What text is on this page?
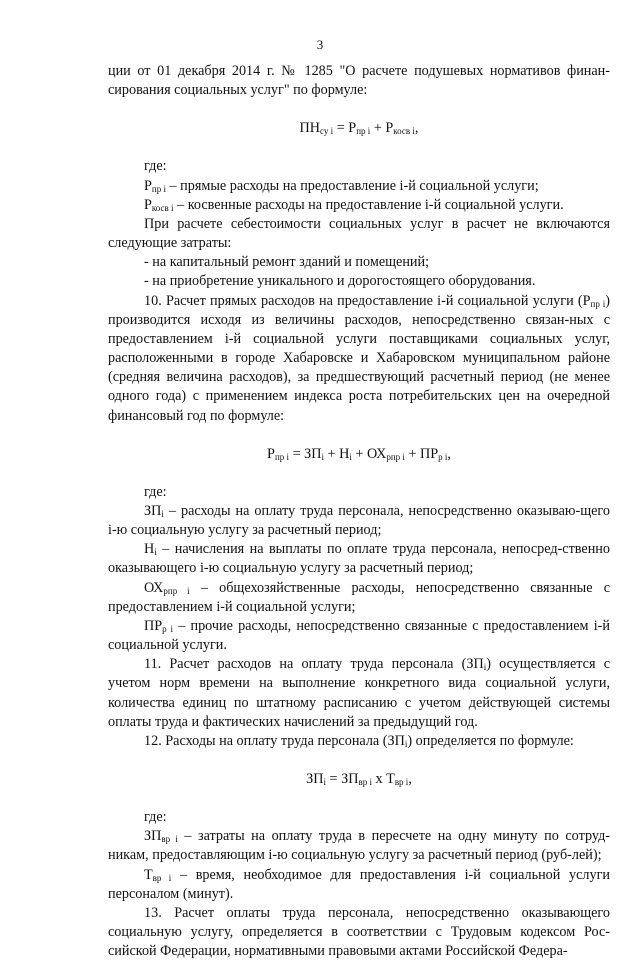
3

ции от 01 декабря 2014 г. № 1285 "О расчете подушевых нормативов финан-сирования социальных услуг" по формуле:

$ПН_{су i} = Р_{пр i} + Р_{косв i}$,

где:

$Р_{пр i}$ – прямые расходы на предоставление i-й социальной услуги;

$Р_{косв i}$ – косвенные расходы на предоставление i-й социальной услуги.

При расчете себестоимости социальных услуг в расчет не включаются следующие затраты:

- на капитальный ремонт зданий и помещений;

- на приобретение уникального и дорогостоящего оборудования.

10. Расчет прямых расходов на предоставление i-й социальной услуги $(Р_{пр i})$ производится исходя из величины расходов, непосредственно связан-ных с предоставлением i-й социальной услуги поставщиками социальных услуг, расположенными в городе Хабаровске и Хабаровском муниципальном районе (средняя величина расходов), за предшествующий расчетный период (не менее одного года) с применением индекса роста потребительских цен на очередной финансовый год по формуле:

$Р_{пр i} = ЗП_i + Н_i + ОХ_{рпр i} + ПР_{р i}$,

где:

$ЗП_i$ – расходы на оплату труда персонала, непосредственно оказываю-щего i-ю социальную услугу за расчетный период;

$Н_i$ – начисления на выплаты по оплате труда персонала, непосред-ственно оказывающего i-ю социальную услугу за расчетный период;

$ОХ_{рпр i}$ – общехозяйственные расходы, непосредственно связанные с предоставлением i-й социальной услуги;

$ПР_{р i}$ – прочие расходы, непосредственно связанные с предоставлением i-й социальной услуги.

11. Расчет расходов на оплату труда персонала $(ЗП_i)$ осуществляется с учетом норм времени на выполнение конкретного вида социальной услуги, количества единиц по штатному расписанию с учетом действующей системы оплаты труда и фактических начислений за предыдущий год.

12. Расходы на оплату труда персонала $(ЗП_i)$ определяется по формуле:

$ЗП_i = ЗП_{вр i}$ х $Т_{вр i}$,

где:

$ЗП_{вр i}$ – затраты на оплату труда в пересчете на одну минуту по сотруд-никам, предоставляющим i-ю социальную услугу за расчетный период (руб-лей);

$Т_{вр i}$ – время, необходимое для предоставления i-й социальной услуги персоналом (минут).

13. Расчет оплаты труда персонала, непосредственно оказывающего социальную услугу, определяется в соответствии с Трудовым кодексом Рос-сийской Федерации, нормативными правовыми актами Российской Федера-
